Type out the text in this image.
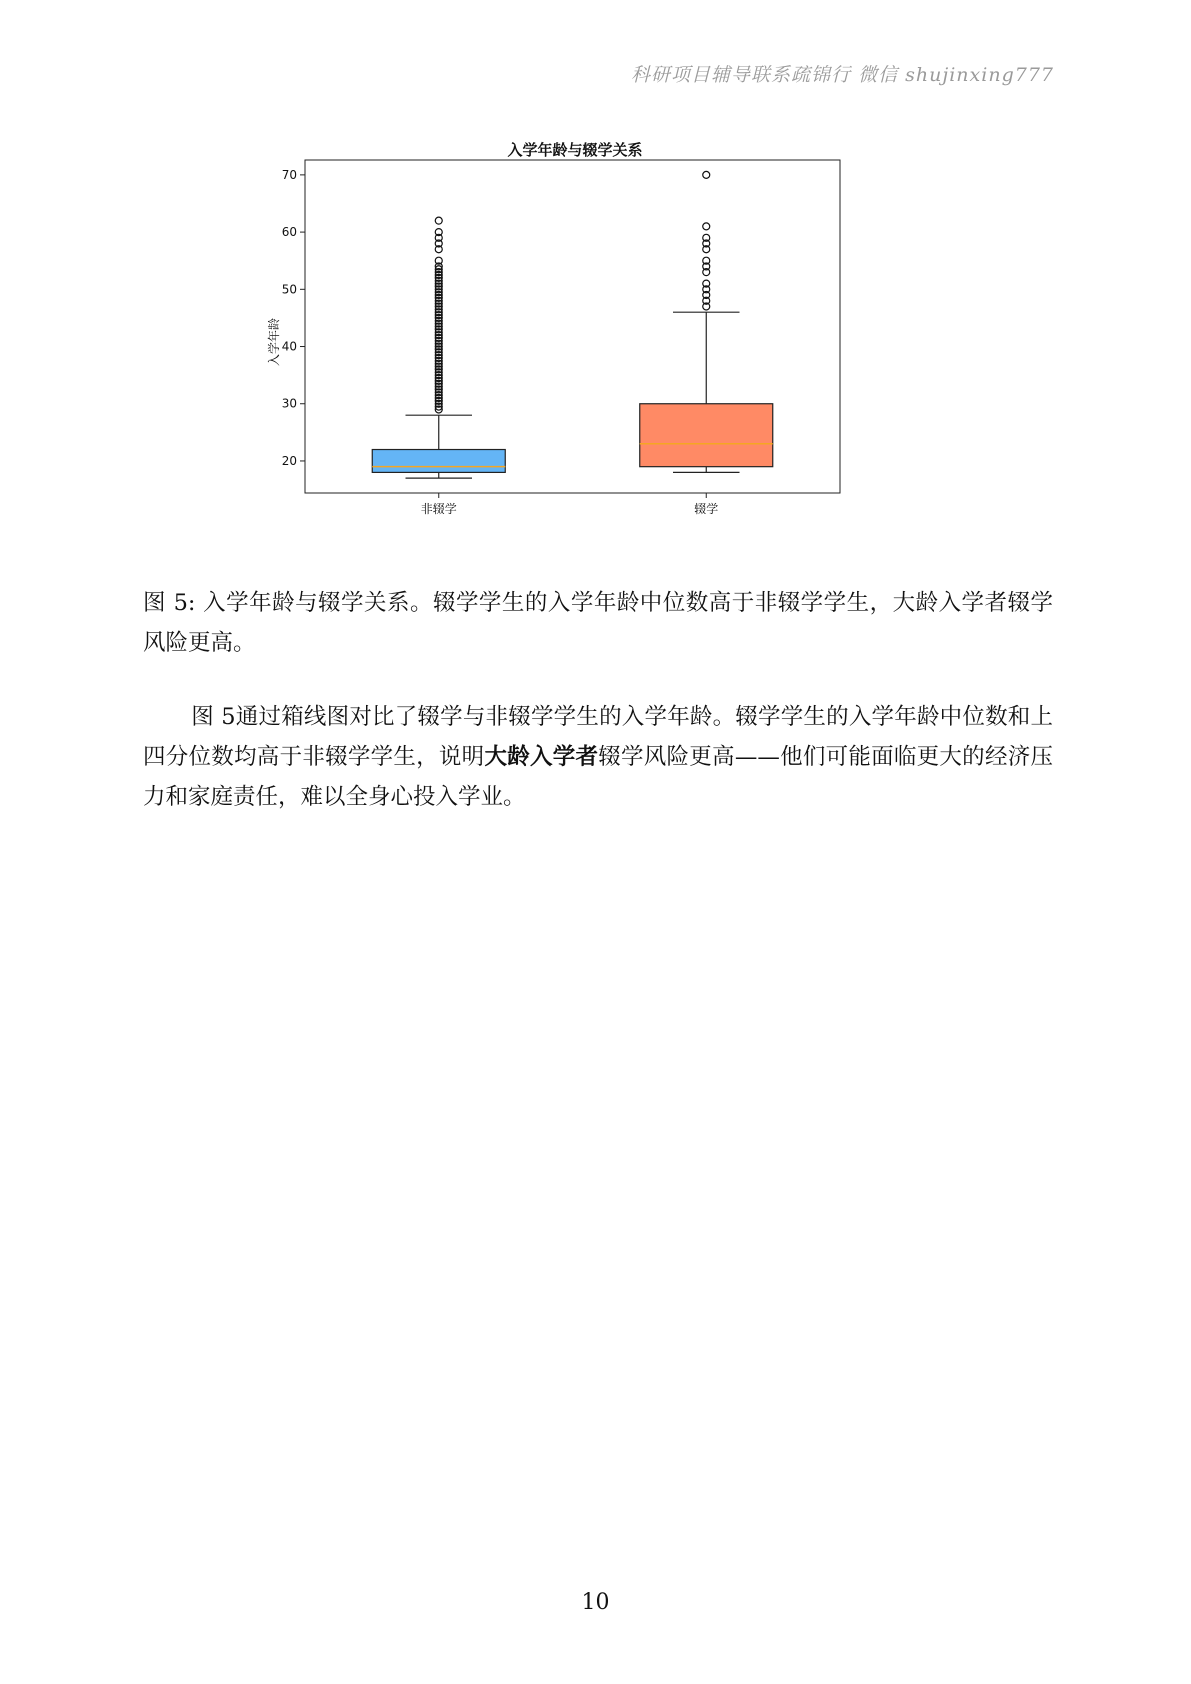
科研项目辅导联系疏锦行 微信 shujinxing777
入学年龄与辍学关系
入学年龄
20
30
40
50
60
70
非辍学	辍学
图 5: 入学年龄与辍学关系。辍学学生的入学年龄中位数高于非辍学学生，大龄入学者辍学风险更高。
图 5通过箱线图对比了辍学与非辍学学生的入学年龄。辍学学生的入学年龄中位数和上四分位数均高于非辍学学生，说明大龄入学者辍学风险更高——他们可能面临更大的经济压力和家庭责任，难以全身心投入学业。
10
